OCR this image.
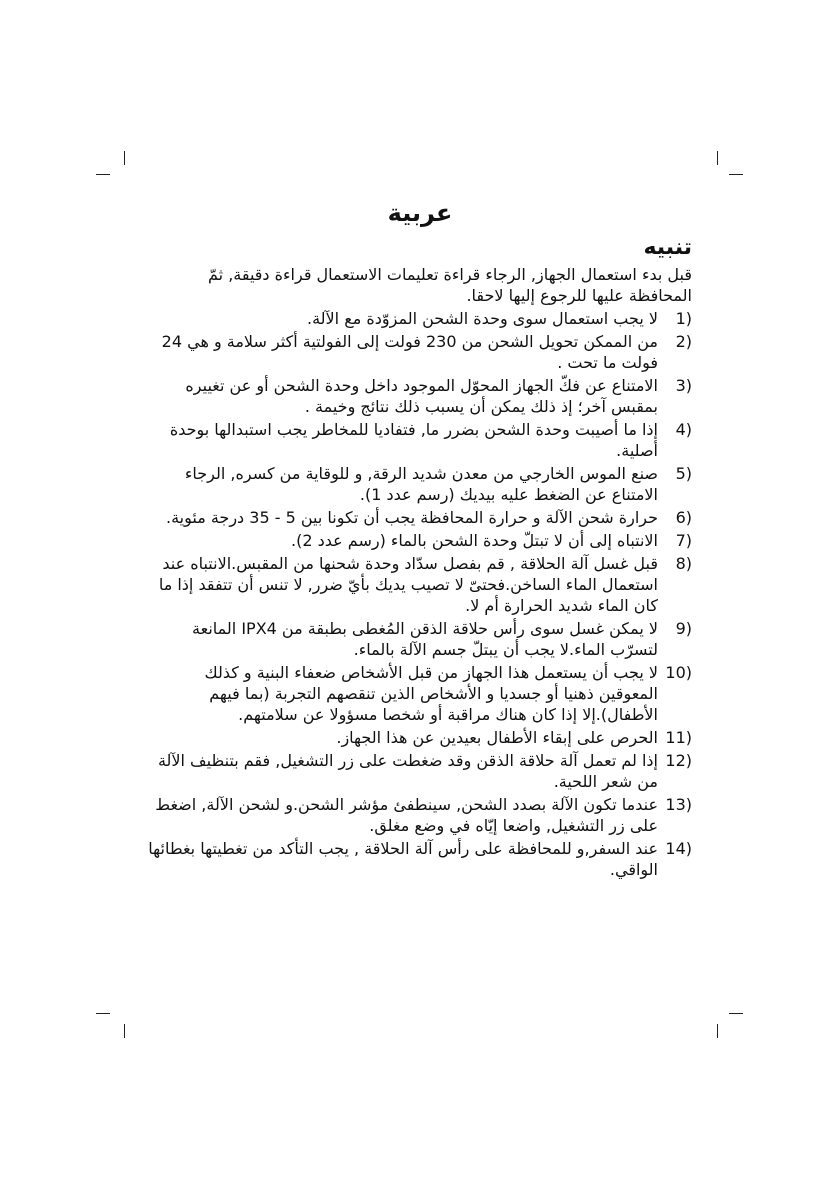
عربية
تنبيه

قبل بدء استعمال الجهاز, الرجاء قراءة تعليمات الاستعمال قراءة دقيقة, ثمّ المحافظة عليها للرجوع إليها لاحقا.

1)
لا يجب استعمال سوى وحدة الشحن المزوّدة مع الآلة.
2)
من الممكن تحويل الشحن من 230 فولت إلى الفولتية أكثر سلامة و هي 24 فولت ما تحت .
3)
الامتناع عن فكّ الجهاز المحوّل الموجود داخل وحدة الشحن أو عن تغييره بمقبس آخر؛ إذ ذلك يمكن أن يسبب ذلك نتائج وخيمة .
4)
إذا ما أصيبت وحدة الشحن بضرر ما, فتفاديا للمخاطر يجب استبدالها بوحدة أصلية.
5)
صنع الموس الخارجي من معدن شديد الرقة, و للوقاية من كسره, الرجاء الامتناع عن الضغط عليه بيديك (رسم عدد 1).
6)
حرارة شحن الآلة و حرارة المحافظة يجب أن تكونا بين 5 - 35 درجة مئوية.
7)
الانتباه إلى أن لا تبتلّ وحدة الشحن بالماء (رسم عدد 2).
8)
قبل غسل آلة الحلاقة , قم بفصل سدّاد وحدة شحنها من المقبس.الانتباه عند استعمال الماء الساخن.فحتىّ لا تصيب يديك بأيّ ضرر, لا تنس أن تتفقد إذا ما كان الماء شديد الحرارة أم لا.
9)
لا يمكن غسل سوى رأس حلاقة الذقن المُغطى بطبقة من IPX4 المانعة لتسرّب الماء.لا يجب أن يبتلّ جسم الآلة بالماء.
10)
لا يجب أن يستعمل هذا الجهاز من قبل الأشخاص ضعفاء البنية و كذلك المعوقين ذهنيا أو جسديا و الأشخاص الذين تنقصهم التجربة (بما فيهم الأطفال).إلا إذا كان هناك مراقبة أو شخصا مسؤولا عن سلامتهم.
11)
الحرص على إبقاء الأطفال بعيدين عن هذا الجهاز.
12)
إذا لم تعمل آلة حلاقة الذقن وقد ضغطت على زر التشغيل, فقم بتنظيف الآلة من شعر اللحية.
13)
عندما تكون الآلة بصدد الشحن, سينطفئ مؤشر الشحن.و لشحن الآلة, اضغط على زر التشغيل, واضعا إيّاه في وضع مغلق.
14)
عند السفر,و للمحافظة على رأس آلة الحلاقة , يجب التأكد من تغطيتها بغطائها الواقي.
